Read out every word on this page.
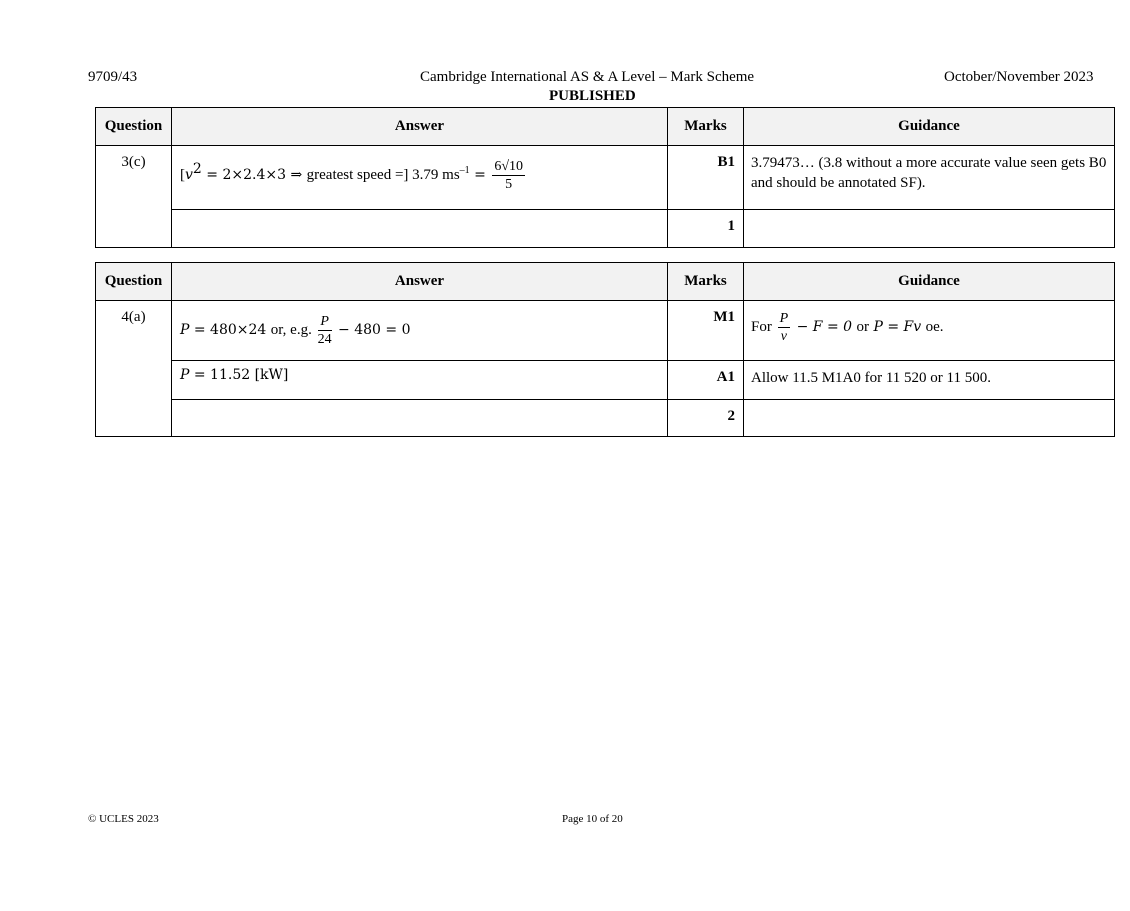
9709/43	Cambridge International AS & A Level – Mark Scheme	October/November 2023
PUBLISHED
Question	Answer	Marks	Guidance
3(c)	[$v^2 = 2\times 2.4\times 3$ ⇒ greatest speed =] 3.79 $ms^{-1} = \frac{6√10}{5}$	B1	3.79473… (3.8 without a more accurate value seen gets B0 and should be annotated SF).
		1	
Question	Answer	Marks	Guidance
4(a)	P = 480×24 or, e.g. $\frac{P}{24} - 480 = 0$	M1	For $\frac{P}{v} - F = 0$ or P = Fv oe.
	P = 11.52 [kW]	A1	Allow 11.5 M1A0 for 11 520 or 11 500.
		2	
© UCLES 2023	Page 10 of 20
